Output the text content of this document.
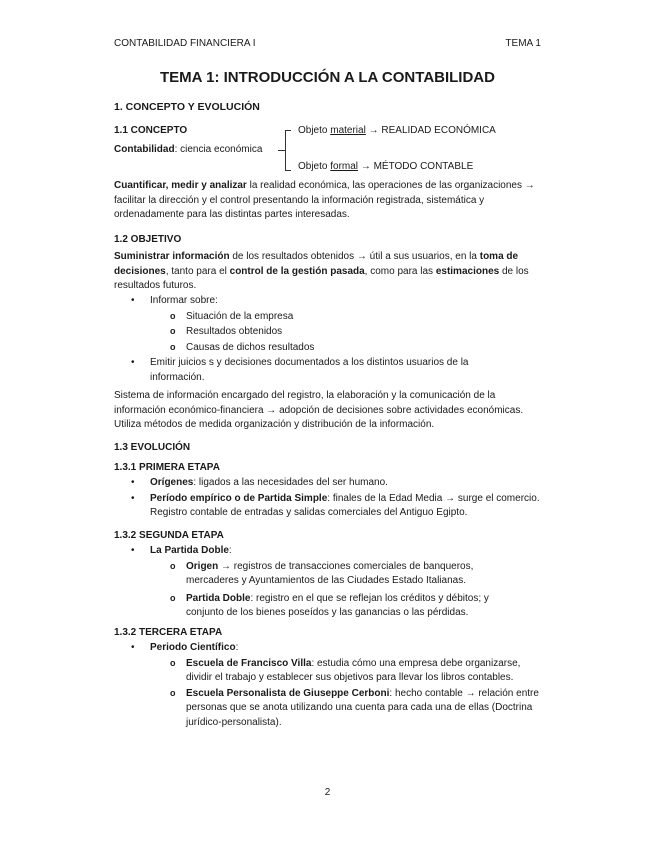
CONTABILIDAD FINANCIERA I	TEMA 1
TEMA 1: INTRODUCCIÓN A LA CONTABILIDAD
1. CONCEPTO Y EVOLUCIÓN
1.1 CONCEPTO
Contabilidad: ciencia económica
Objeto material → REALIDAD ECONÓMICA
Objeto formal → MÉTODO CONTABLE

Cuantificar, medir y analizar la realidad económica, las operaciones de las organizaciones → facilitar la dirección y el control presentando la información registrada, sistemática y ordenadamente para las distintas partes interesadas.

1.2 OBJETIVO

Suministrar información de los resultados obtenidos → útil a sus usuarios, en la toma de decisiones, tanto para el control de la gestión pasada, como para las estimaciones de los resultados futuros.

• Informar sobre:
o Situación de la empresa
o Resultados obtenidos
o Causas de dichos resultados
• Emitir juicios s y decisiones documentados a los distintos usuarios de la información.

Sistema de información encargado del registro, la elaboración y la comunicación de la información económico-financiera → adopción de decisiones sobre actividades económicas. Utiliza métodos de medida organización y distribución de la información.

1.3 EVOLUCIÓN
1.3.1 PRIMERA ETAPA
• Orígenes: ligados a las necesidades del ser humano.
• Período empírico o de Partida Simple: finales de la Edad Media → surge el comercio. Registro contable de entradas y salidas comerciales del Antiguo Egipto.
1.3.2 SEGUNDA ETAPA
• La Partida Doble:
o Origen → registros de transacciones comerciales de banqueros, mercaderes y Ayuntamientos de las Ciudades Estado Italianas.
o Partida Doble: registro en el que se reflejan los créditos y débitos; y conjunto de los bienes poseídos y las ganancias o las pérdidas.
1.3.2 TERCERA ETAPA
• Periodo Científico:
o Escuela de Francisco Villa: estudia cómo una empresa debe organizarse, dividir el trabajo y establecer sus objetivos para llevar los libros contables.
o Escuela Personalista de Giuseppe Cerboni: hecho contable → relación entre personas que se anota utilizando una cuenta para cada una de ellas (Doctrina jurídico-personalista).
2
